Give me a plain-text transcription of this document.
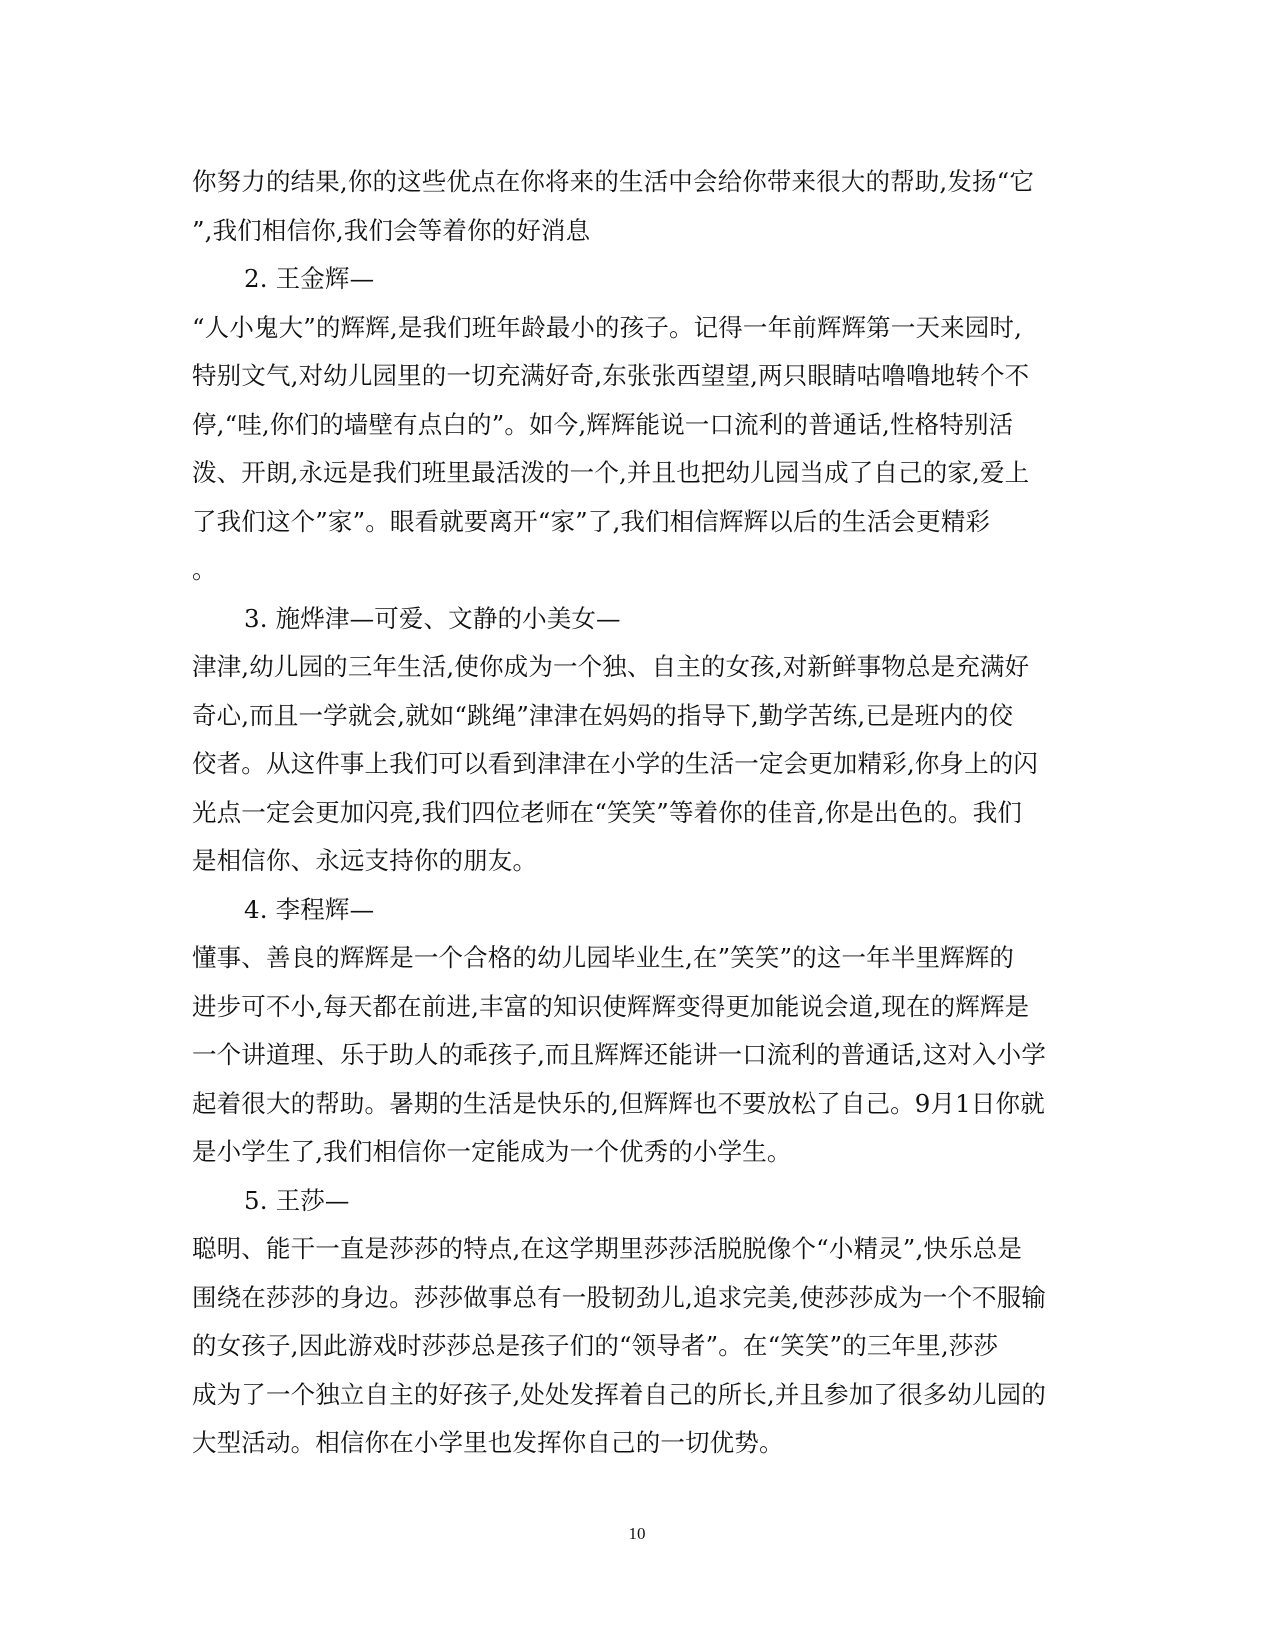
你努力的结果,你的这些优点在你将来的生活中会给你带来很大的帮助,发扬“它
”,我们相信你,我们会等着你的好消息
2. 王金辉—
“人小鬼大”的辉辉,是我们班年龄最小的孩子。记得一年前辉辉第一天来园时,
特别文气,对幼儿园里的一切充满好奇,东张张西望望,两只眼睛咕噜噜地转个不
停,“哇,你们的墙壁有点白的”。如今,辉辉能说一口流利的普通话,性格特别活
泼、开朗,永远是我们班里最活泼的一个,并且也把幼儿园当成了自己的家,爱上
了我们这个”家”。眼看就要离开“家”了,我们相信辉辉以后的生活会更精彩
。
3. 施烨津—可爱、文静的小美女—
津津,幼儿园的三年生活,使你成为一个独、自主的女孩,对新鲜事物总是充满好
奇心,而且一学就会,就如“跳绳”津津在妈妈的指导下,勤学苦练,已是班内的佼
佼者。从这件事上我们可以看到津津在小学的生活一定会更加精彩,你身上的闪
光点一定会更加闪亮,我们四位老师在“笑笑”等着你的佳音,你是出色的。我们
是相信你、永远支持你的朋友。
4. 李程辉—
懂事、善良的辉辉是一个合格的幼儿园毕业生,在”笑笑”的这一年半里辉辉的
进步可不小,每天都在前进,丰富的知识使辉辉变得更加能说会道,现在的辉辉是
一个讲道理、乐于助人的乖孩子,而且辉辉还能讲一口流利的普通话,这对入小学
起着很大的帮助。暑期的生活是快乐的,但辉辉也不要放松了自己。9月1日你就
是小学生了,我们相信你一定能成为一个优秀的小学生。
5. 王莎—
聪明、能干一直是莎莎的特点,在这学期里莎莎活脱脱像个“小精灵”,快乐总是
围绕在莎莎的身边。莎莎做事总有一股韧劲儿,追求完美,使莎莎成为一个不服输
的女孩子,因此游戏时莎莎总是孩子们的“领导者”。在“笑笑”的三年里,莎莎
成为了一个独立自主的好孩子,处处发挥着自己的所长,并且参加了很多幼儿园的
大型活动。相信你在小学里也发挥你自己的一切优势。
10
